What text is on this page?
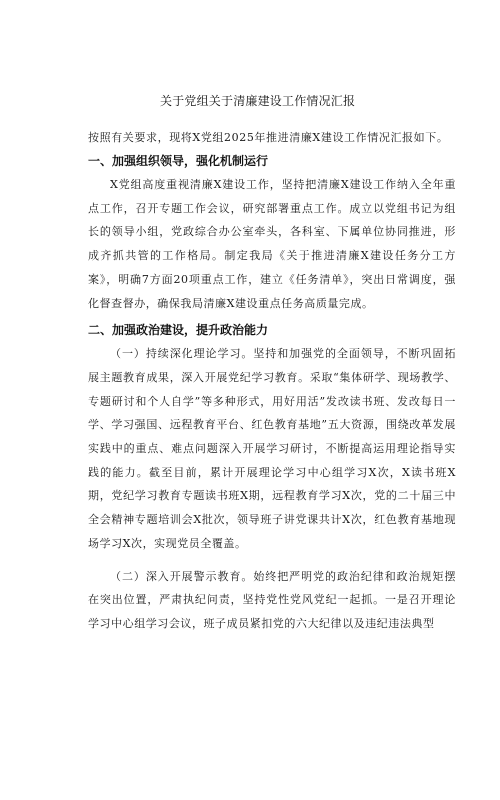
关于党组关于清廉建设工作情况汇报

按照有关要求，现将X党组2025年推进清廉X建设工作情况汇报如下。

一、加强组织领导，强化机制运行

X党组高度重视清廉X建设工作，坚持把清廉X建设工作纳入全年重点工作，召开专题工作会议，研究部署重点工作。成立以党组书记为组长的领导小组，党政综合办公室牵头，各科室、下属单位协同推进，形成齐抓共管的工作格局。制定我局《关于推进清廉X建设任务分工方案》，明确7方面20项重点工作，建立《任务清单》，突出日常调度，强化督查督办，确保我局清廉X建设重点任务高质量完成。

二、加强政治建设，提升政治能力

（一）持续深化理论学习。坚持和加强党的全面领导，不断巩固拓展主题教育成果，深入开展党纪学习教育。采取“集体研学、现场教学、专题研讨和个人自学”等多种形式，用好用活”发改读书班、发改每日一学、学习强国、远程教育平台、红色教育基地”五大资源，围绕改革发展实践中的重点、难点问题深入开展学习研讨，不断提高运用理论指导实践的能力。截至目前，累计开展理论学习中心组学习X次，X读书班X期，党纪学习教育专题读书班X期，远程教育学习X次，党的二十届三中全会精神专题培训会X批次，领导班子讲党课共计X次，红色教育基地现场学习X次，实现党员全覆盖。

（二）深入开展警示教育。始终把严明党的政治纪律和政治规矩摆在突出位置，严肃执纪问责，坚持党性党风党纪一起抓。一是召开理论学习中心组学习会议，班子成员紧扣党的六大纪律以及违纪违法典型
